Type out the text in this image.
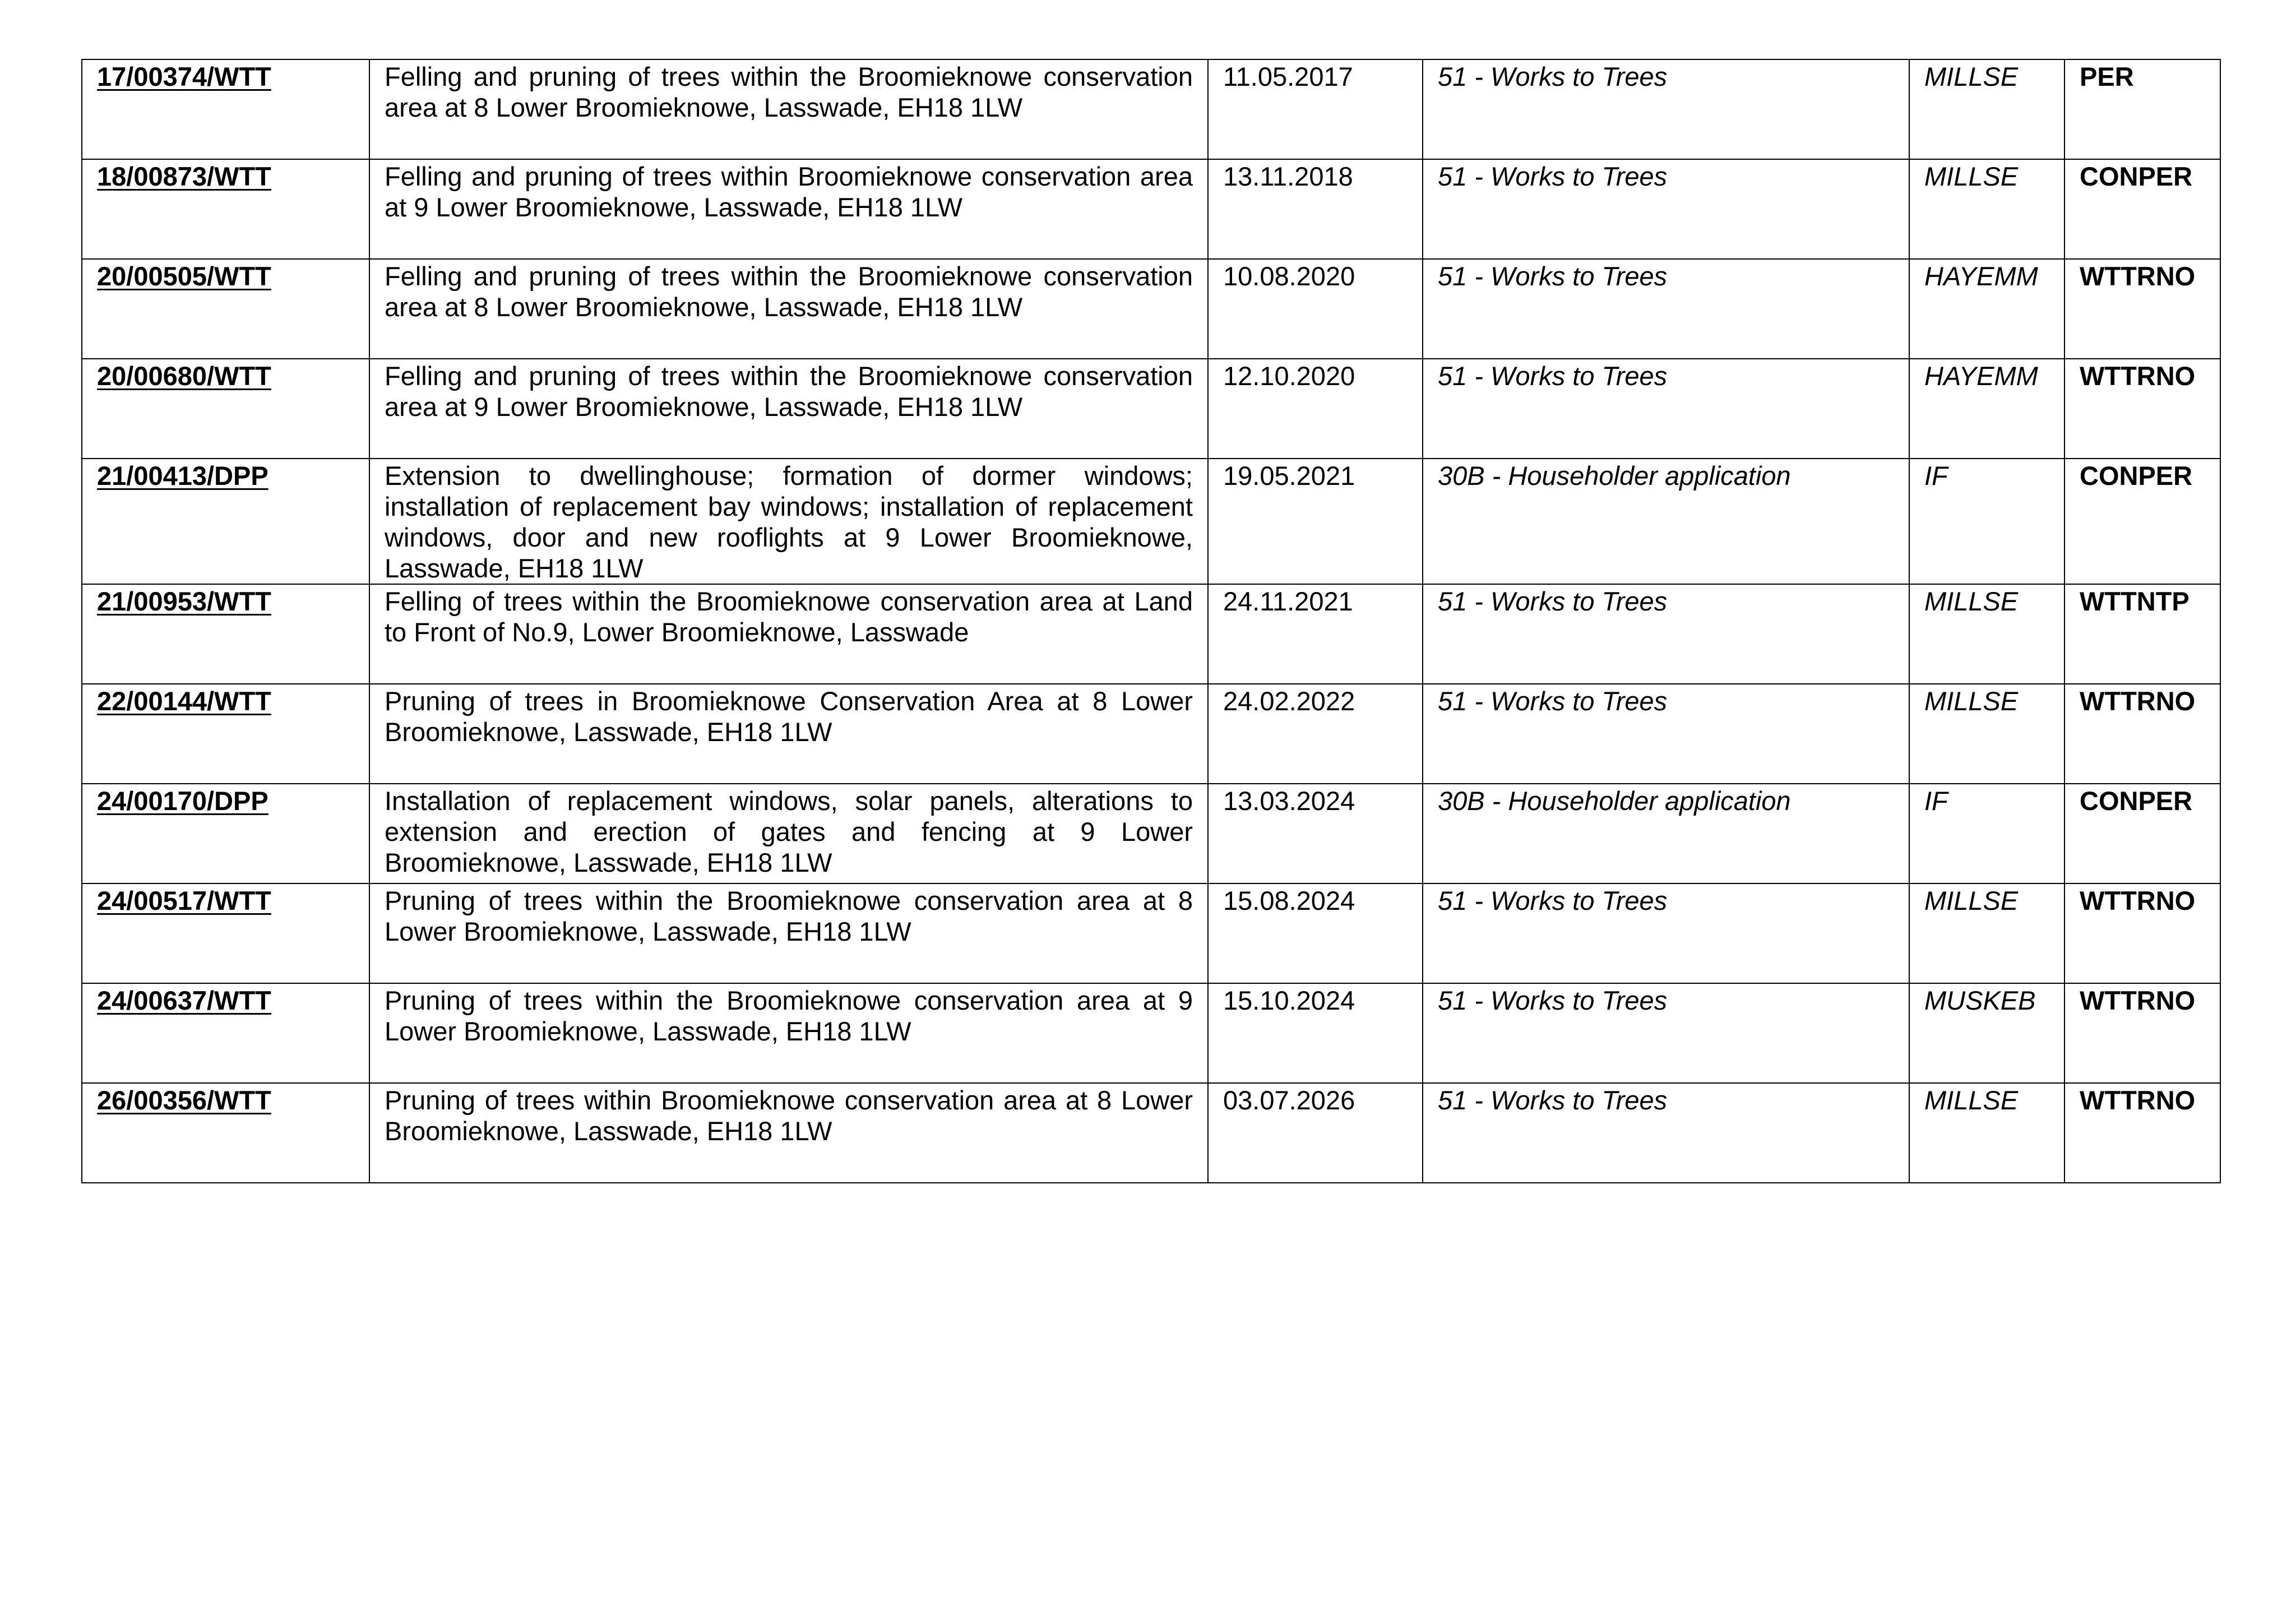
17/00374/WTT	Felling and pruning of trees within the Broomieknowe conservation area at 8 Lower Broomieknowe, Lasswade, EH18 1LW	11.05.2017	51 - Works to Trees	MILLSE	PER
18/00873/WTT	Felling and pruning of trees within Broomieknowe conservation area at 9 Lower Broomieknowe, Lasswade, EH18 1LW	13.11.2018	51 - Works to Trees	MILLSE	CONPER
20/00505/WTT	Felling and pruning of trees within the Broomieknowe conservation area at 8 Lower Broomieknowe, Lasswade, EH18 1LW	10.08.2020	51 - Works to Trees	HAYEMM	WTTRNO
20/00680/WTT	Felling and pruning of trees within the Broomieknowe conservation area at 9 Lower Broomieknowe, Lasswade, EH18 1LW	12.10.2020	51 - Works to Trees	HAYEMM	WTTRNO
21/00413/DPP	Extension to dwellinghouse; formation of dormer windows; installation of replacement bay windows; installation of replacement windows, door and new rooflights at 9 Lower Broomieknowe, Lasswade, EH18 1LW	19.05.2021	30B - Householder application	IF	CONPER
21/00953/WTT	Felling of trees within the Broomieknowe conservation area at Land to Front of No.9, Lower Broomieknowe, Lasswade	24.11.2021	51 - Works to Trees	MILLSE	WTTNTP
22/00144/WTT	Pruning of trees in Broomieknowe Conservation Area at 8 Lower Broomieknowe, Lasswade, EH18 1LW	24.02.2022	51 - Works to Trees	MILLSE	WTTRNO
24/00170/DPP	Installation of replacement windows, solar panels, alterations to extension and erection of gates and fencing at 9 Lower Broomieknowe, Lasswade, EH18 1LW	13.03.2024	30B - Householder application	IF	CONPER
24/00517/WTT	Pruning of trees within the Broomieknowe conservation area at 8 Lower Broomieknowe, Lasswade, EH18 1LW	15.08.2024	51 - Works to Trees	MILLSE	WTTRNO
24/00637/WTT	Pruning of trees within the Broomieknowe conservation area at 9 Lower Broomieknowe, Lasswade, EH18 1LW	15.10.2024	51 - Works to Trees	MUSKEB	WTTRNO
26/00356/WTT	Pruning of trees within Broomieknowe conservation area at 8 Lower Broomieknowe, Lasswade, EH18 1LW	03.07.2026	51 - Works to Trees	MILLSE	WTTRNO
